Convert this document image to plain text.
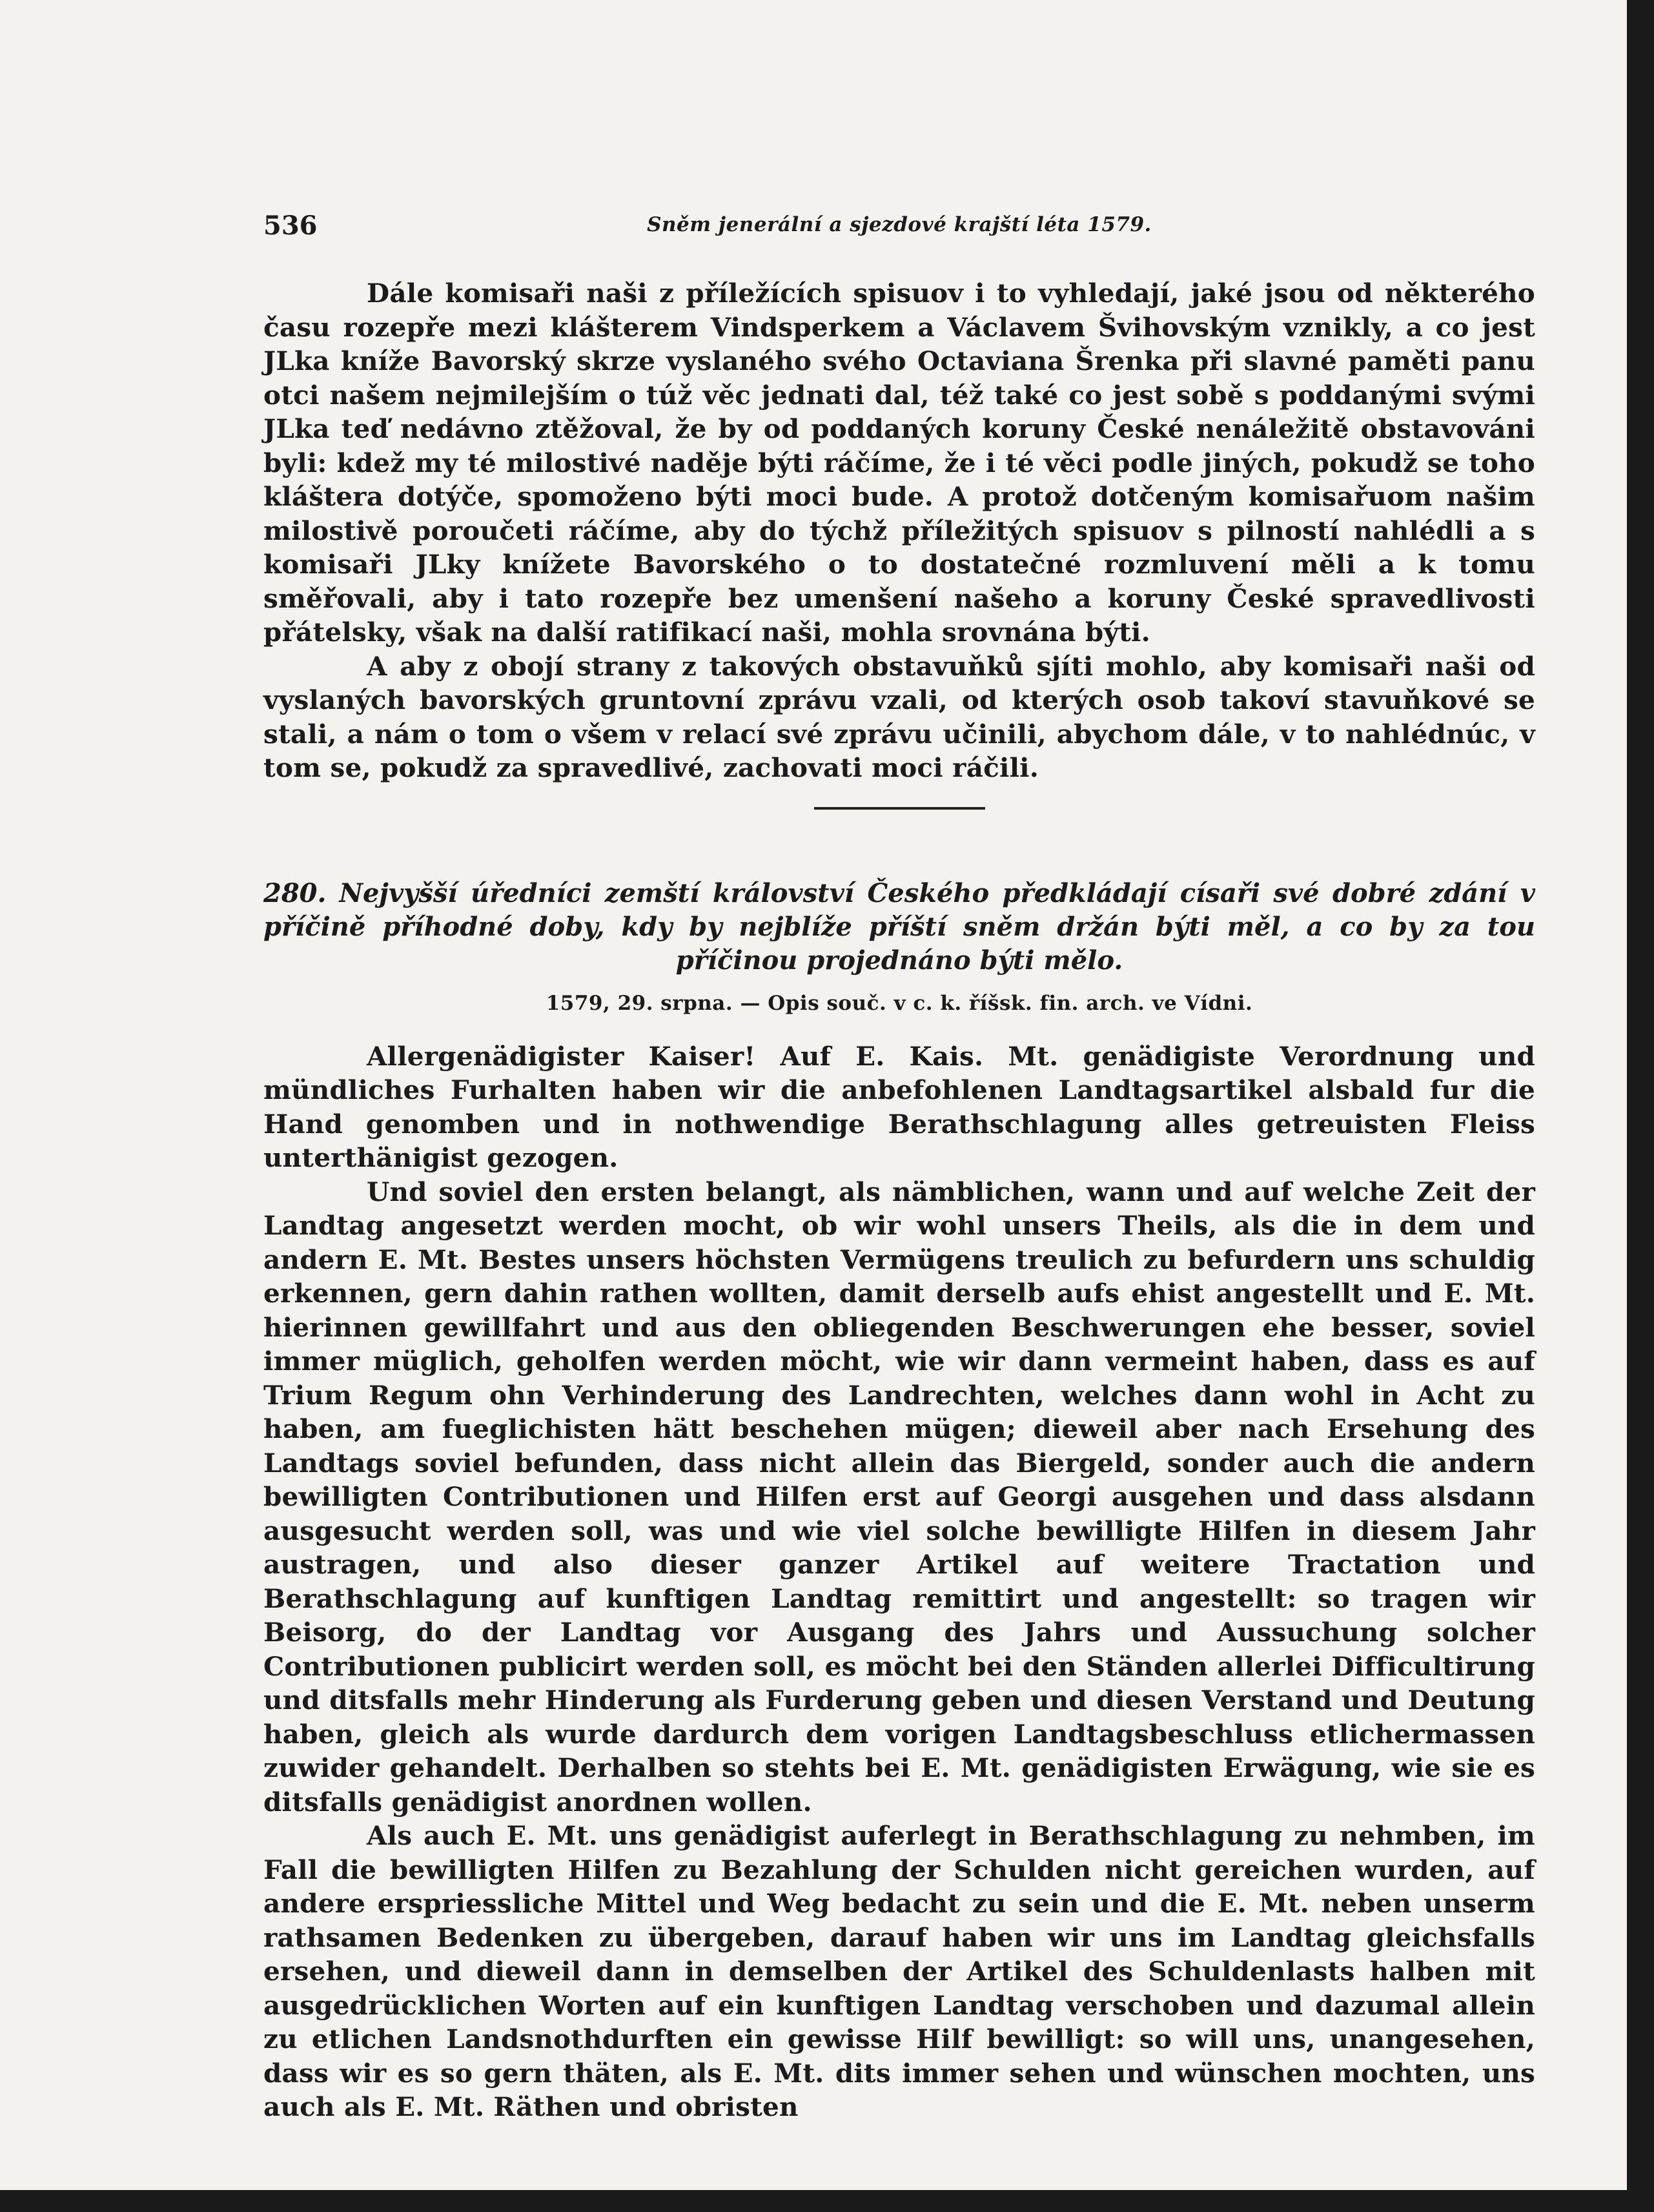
536	Sněm jenerální a sjezdové krajští léta 1579.

Dále komisaři naši z příležících spisuov i to vyhledají, jaké jsou od některého času rozepře mezi klášterem Vindsperkem a Václavem Švihovským vznikly, a co jest JLka kníže Bavorský skrze vyslaného svého Octaviana Šrenka při slavné paměti panu otci našem nejmilejším o túž věc jednati dal, též také co jest sobě s poddanými svými JLka teď nedávno ztěžoval, že by od poddaných koruny České nenáležitě obstavováni byli: kdež my té milostivé naděje býti ráčíme, že i té věci podle jiných, pokudž se toho kláštera dotýče, spomoženo býti moci bude. A protož dotčeným komisařuom našim milostivě poroučeti ráčíme, aby do týchž příležitých spisuov s pilností nahlédli a s komisaři JLky knížete Bavorského o to dostatečné rozmluvení měli a k tomu směřovali, aby i tato rozepře bez umenšení našeho a koruny České spravedlivosti přátelsky, však na další ratifikací naši, mohla srovnána býti.

A aby z obojí strany z takových obstavuňků sjíti mohlo, aby komisaři naši od vyslaných bavorských gruntovní zprávu vzali, od kterých osob takoví stavuňkové se stali, a nám o tom o všem v relací své zprávu učinili, abychom dále, v to nahlédnúc, v tom se, pokudž za spravedlivé, zachovati moci ráčili.

280. Nejvyšší úředníci zemští království Českého předkládají císaři své dobré zdání v příčině příhodné doby, kdy by nejblíže příští sněm držán býti měl, a co by za tou příčinou projednáno býti mělo.

1579, 29. srpna. — Opis souč. v c. k. říšsk. fin. arch. ve Vídni.

Allergenädigister Kaiser! Auf E. Kais. Mt. genädigiste Verordnung und mündliches Furhalten haben wir die anbefohlenen Landtagsartikel alsbald fur die Hand genomben und in nothwendige Berathschlagung alles getreuisten Fleiss unterthänigist gezogen.

Und soviel den ersten belangt, als nämblichen, wann und auf welche Zeit der Landtag angesetzt werden mocht, ob wir wohl unsers Theils, als die in dem und andern E. Mt. Bestes unsers höchsten Vermügens treulich zu befurdern uns schuldig erkennen, gern dahin rathen wollten, damit derselb aufs ehist angestellt und E. Mt. hierinnen gewillfahrt und aus den obliegenden Beschwerungen ehe besser, soviel immer müglich, geholfen werden möcht, wie wir dann vermeint haben, dass es auf Trium Regum ohn Verhinderung des Landrechten, welches dann wohl in Acht zu haben, am fueglichisten hätt beschehen mügen; dieweil aber nach Ersehung des Landtags soviel befunden, dass nicht allein das Biergeld, sonder auch die andern bewilligten Contributionen und Hilfen erst auf Georgi ausgehen und dass alsdann ausgesucht werden soll, was und wie viel solche bewilligte Hilfen in diesem Jahr austragen, und also dieser ganzer Artikel auf weitere Tractation und Berathschlagung auf kunftigen Landtag remittirt und angestellt: so tragen wir Beisorg, do der Landtag vor Ausgang des Jahrs und Aussuchung solcher Contributionen publicirt werden soll, es möcht bei den Ständen allerlei Difficultirung und ditsfalls mehr Hinderung als Furderung geben und diesen Verstand und Deutung haben, gleich als wurde dardurch dem vorigen Landtagsbeschluss etlichermassen zuwider gehandelt. Derhalben so stehts bei E. Mt. genädigisten Erwägung, wie sie es ditsfalls genädigist anordnen wollen.

Als auch E. Mt. uns genädigist auferlegt in Berathschlagung zu nehmben, im Fall die bewilligten Hilfen zu Bezahlung der Schulden nicht gereichen wurden, auf andere erspriessliche Mittel und Weg bedacht zu sein und die E. Mt. neben unserm rathsamen Bedenken zu übergeben, darauf haben wir uns im Landtag gleichsfalls ersehen, und dieweil dann in demselben der Artikel des Schuldenlasts halben mit ausgedrücklichen Worten auf ein kunftigen Landtag verschoben und dazumal allein zu etlichen Landsnothdurften ein gewisse Hilf bewilligt: so will uns, unangesehen, dass wir es so gern thäten, als E. Mt. dits immer sehen und wünschen mochten, uns auch als E. Mt. Räthen und obristen
